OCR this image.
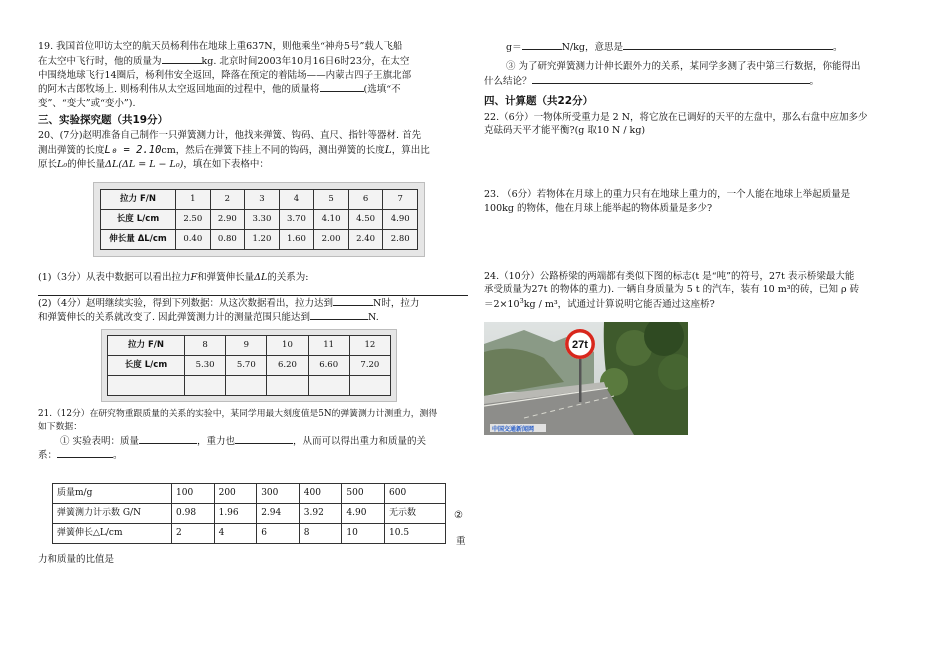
19. 我国首位叩访太空的航天员杨利伟在地球上重637N，则他乘坐“神舟5号”载人飞船

在太空中飞行时，他的质量为	kg. 北京时间2003年10月16日6时23分，在太空

中围绕地球飞行14圈后，杨利伟安全返回，降落在预定的着陆场——内蒙古四子王旗北部

的阿木古郎牧场上. 则杨利伟从太空返回地面的过程中，他的质量将	(选填“不

变”、“变大”或“变小”).

三、实验探究题（共19分）

20、(7分)赵明准备自己制作一只弹簧测力计，他找来弹簧、钩码、直尺、指针等器材. 首先

测出弹簧的长度L₀ = 2.10cm，然后在弹簧下挂上不同的钩码，测出弹簧的长度L，算出比

原长L₀的伸长量ΔL(ΔL = L − L₀)，填在如下表格中：

拉力 F/N	1	2	3	4	5	6	7
长度 L/cm	2.50	2.90	3.30	3.70	4.10	4.50	4.90
伸长量 ΔL/cm	0.40	0.80	1.20	1.60	2.00	2.40	2.80

(1)（3分）从表中数据可以看出拉力F和弹簧伸长量ΔL的关系为:

(2)（4分）赵明继续实验，得到下列数据：从这次数据看出，拉力达到	N时，拉力

和弹簧伸长的关系就改变了. 因此弹簧测力计的测量范围只能达到	N.

拉力 F/N	8	9	10	11	12
长度 L/cm	5.30	5.70	6.20	6.60	7.20

21.（12分）在研究物重跟质量的关系的实验中，某同学用最大刻度值是5N的弹簧测力计测重力，测得

如下数据：

① 实验表明：质量	，重力也	，从而可以得出重力和质量的关

系：	。

质量m/g	100	200	300	400	500	600
弹簧测力计示数 G/N	0.98	1.96	2.94	3.92	4.90	无示数
弹簧伸长△L/cm	2	4	6	8	10	10.5
②
重

力和质量的比值是

g＝	N/kg，意思是	。

③ 为了研究弹簧测力计伸长跟外力的关系，某同学多测了表中第三行数据，你能得出

什么结论？	。

四、计算题（共22分）

22.（6分）一物体所受重力是 2 N，将它放在已调好的天平的左盘中，那么右盘中应加多少

克砝码天平才能平衡?(g 取10 N / kg)

23. （6分）若物体在月球上的重力只有在地球上重力的，一个人能在地球上举起质量是

100kg 的物体，他在月球上能举起的物体质量是多少?

24.（10分）公路桥梁的两端都有类似下图的标志(t 是“吨”的符号，27t 表示桥梁最大能

承受质量为27t 的物体的重力). 一辆自身质量为 5 t 的汽车，装有 10 m³的砖，已知 ρ 砖

$=2\times 10^3kg / m^3$，试通过计算说明它能否通过这座桥?

27t
中国交通新闻网
